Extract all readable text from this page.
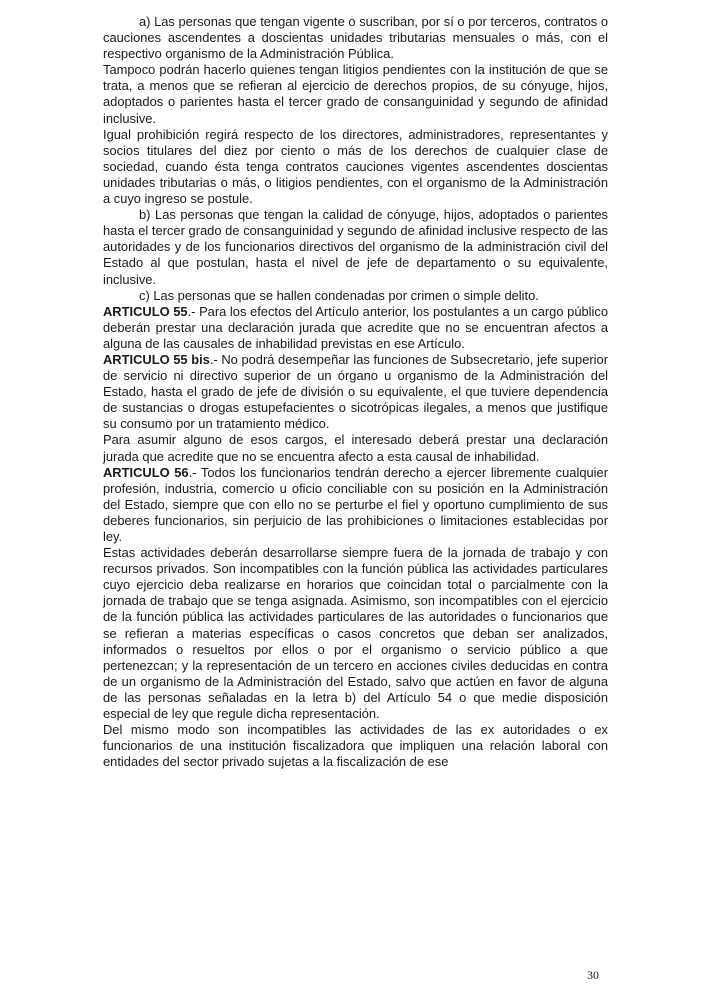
a) Las personas que tengan vigente o suscriban, por sí o por terceros, contratos o cauciones ascendentes a doscientas unidades tributarias mensuales o más, con el respectivo organismo de la Administración Pública.

Tampoco podrán hacerlo quienes tengan litigios pendientes con la institución de que se trata, a menos que se refieran al ejercicio de derechos propios, de su cónyuge, hijos, adoptados o parientes hasta el tercer grado de consanguinidad y segundo de afinidad inclusive.

Igual prohibición regirá respecto de los directores, administradores, representantes y socios titulares del diez por ciento o más de los derechos de cualquier clase de sociedad, cuando ésta tenga contratos cauciones vigentes ascendentes doscientas unidades tributarias o más, o litigios pendientes, con el organismo de la Administración a cuyo ingreso se postule.

b) Las personas que tengan la calidad de cónyuge, hijos, adoptados o parientes hasta el tercer grado de consanguinidad y segundo de afinidad inclusive respecto de las autoridades y de los funcionarios directivos del organismo de la administración civil del Estado al que postulan, hasta el nivel de jefe de departamento o su equivalente, inclusive.

c) Las personas que se hallen condenadas por crimen o simple delito.

ARTICULO 55.- Para los efectos del Artículo anterior, los postulantes a un cargo público deberán prestar una declaración jurada que acredite que no se encuentran afectos a alguna de las causales de inhabilidad previstas en ese Artículo.

ARTICULO 55 bis.- No podrá desempeñar las funciones de Subsecretario, jefe superior de servicio ni directivo superior de un órgano u organismo de la Administración del Estado, hasta el grado de jefe de división o su equivalente, el que tuviere dependencia de sustancias o drogas estupefacientes o sicotrópicas ilegales, a menos que justifique su consumo por un tratamiento médico.

Para asumir alguno de esos cargos, el interesado deberá prestar una declaración jurada que acredite que no se encuentra afecto a esta causal de inhabilidad.

ARTICULO 56.- Todos los funcionarios tendrán derecho a ejercer libremente cualquier profesión, industria, comercio u oficio conciliable con su posición en la Administración del Estado, siempre que con ello no se perturbe el fiel y oportuno cumplimiento de sus deberes funcionarios, sin perjuicio de las prohibiciones o limitaciones establecidas por ley.

Estas actividades deberán desarrollarse siempre fuera de la jornada de trabajo y con recursos privados. Son incompatibles con la función pública las actividades particulares cuyo ejercicio deba realizarse en horarios que coincidan total o parcialmente con la jornada de trabajo que se tenga asignada. Asimismo, son incompatibles con el ejercicio de la función pública las actividades particulares de las autoridades o funcionarios que se refieran a materias específicas o casos concretos que deban ser analizados, informados o resueltos por ellos o por el organismo o servicio público a que pertenezcan; y la representación de un tercero en acciones civiles deducidas en contra de un organismo de la Administración del Estado, salvo que actúen en favor de alguna de las personas señaladas en la letra b) del Artículo 54 o que medie disposición especial de ley que regule dicha representación.

Del mismo modo son incompatibles las actividades de las ex autoridades o ex funcionarios de una institución fiscalizadora que impliquen una relación laboral con entidades del sector privado sujetas a la fiscalización de ese

30
